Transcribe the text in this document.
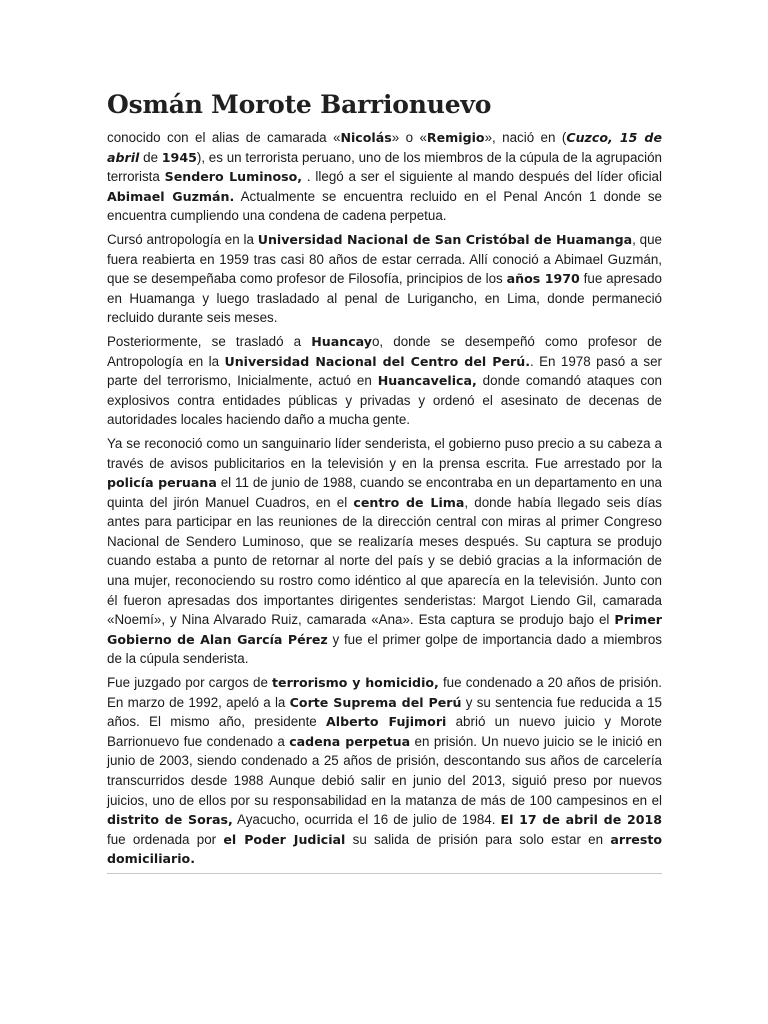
Osmán Morote Barrionuevo

conocido con el alias de camarada «Nicolás» o «Remigio», nació en (Cuzco, 15 de abril de 1945), es un terrorista peruano, uno de los miembros de la cúpula de la agrupación terrorista Sendero Luminoso, . llegó a ser el siguiente al mando después del líder oficial Abimael Guzmán. Actualmente se encuentra recluido en el Penal Ancón 1 donde se encuentra cumpliendo una condena de cadena perpetua.

Cursó antropología en la Universidad Nacional de San Cristóbal de Huamanga, que fuera reabierta en 1959 tras casi 80 años de estar cerrada. Allí conoció a Abimael Guzmán, que se desempeñaba como profesor de Filosofía, principios de los años 1970 fue apresado en Huamanga y luego trasladado al penal de Lurigancho, en Lima, donde permaneció recluido durante seis meses.

Posteriormente, se trasladó a Huancayo, donde se desempeñó como profesor de Antropología en la Universidad Nacional del Centro del Perú.. En 1978 pasó a ser parte del terrorismo, Inicialmente, actuó en Huancavelica, donde comandó ataques con explosivos contra entidades públicas y privadas y ordenó el asesinato de decenas de autoridades locales haciendo daño a mucha gente.

Ya se reconoció como un sanguinario líder senderista, el gobierno puso precio a su cabeza a través de avisos publicitarios en la televisión y en la prensa escrita. Fue arrestado por la policía peruana el 11 de junio de 1988, cuando se encontraba en un departamento en una quinta del jirón Manuel Cuadros, en el centro de Lima, donde había llegado seis días antes para participar en las reuniones de la dirección central con miras al primer Congreso Nacional de Sendero Luminoso, que se realizaría meses después. Su captura se produjo cuando estaba a punto de retornar al norte del país y se debió gracias a la información de una mujer, reconociendo su rostro como idéntico al que aparecía en la televisión. Junto con él fueron apresadas dos importantes dirigentes senderistas: Margot Liendo Gil, camarada «Noemí», y Nina Alvarado Ruiz, camarada «Ana». Esta captura se produjo bajo el Primer Gobierno de Alan García Pérez y fue el primer golpe de importancia dado a miembros de la cúpula senderista.

Fue juzgado por cargos de terrorismo y homicidio, fue condenado a 20 años de prisión. En marzo de 1992, apeló a la Corte Suprema del Perú y su sentencia fue reducida a 15 años. El mismo año, presidente Alberto Fujimori abrió un nuevo juicio y Morote Barrionuevo fue condenado a cadena perpetua en prisión. Un nuevo juicio se le inició en junio de 2003, siendo condenado a 25 años de prisión, descontando sus años de carcelería transcurridos desde 1988 Aunque debió salir en junio del 2013, siguió preso por nuevos juicios, uno de ellos por su responsabilidad en la matanza de más de 100 campesinos en el distrito de Soras, Ayacucho, ocurrida el 16 de julio de 1984. El 17 de abril de 2018 fue ordenada por el Poder Judicial su salida de prisión para solo estar en arresto domiciliario.
